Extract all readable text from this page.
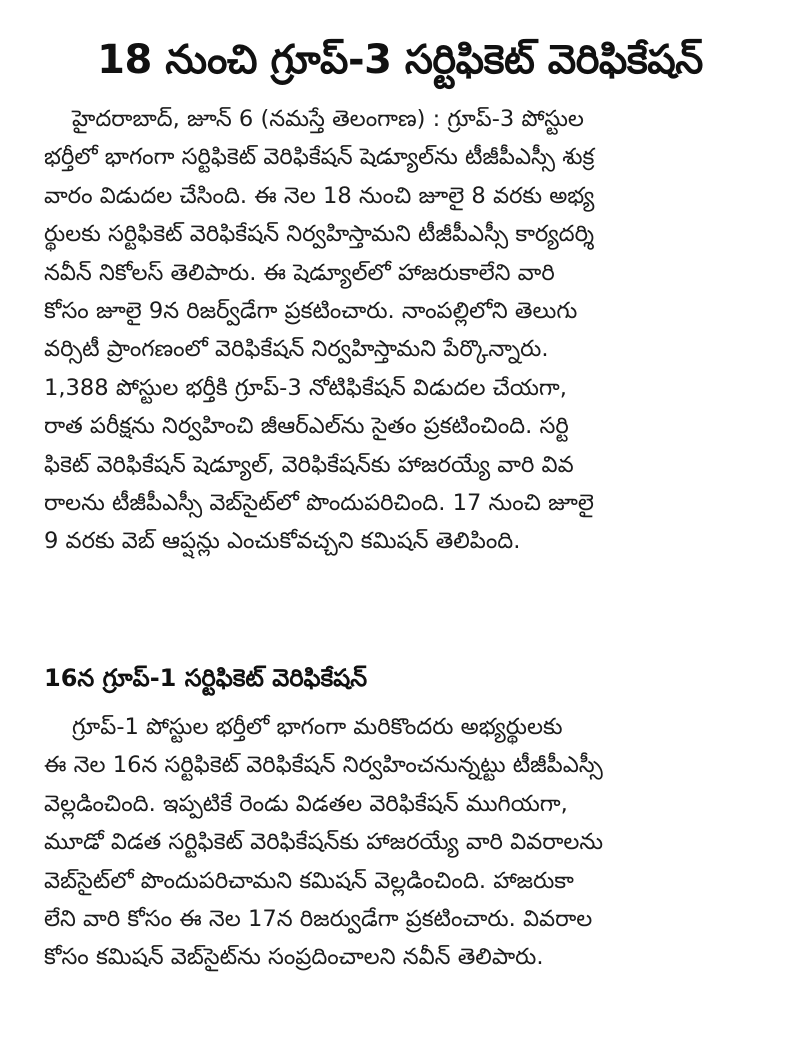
18 నుంచి గ్రూప్‌-3 సర్టిఫికెట్‌ వెరిఫికేషన్‌
హైదరాబాద్‌, జూన్‌ 6 (నమస్తే తెలంగాణ) : గ్రూప్‌-3 పోస్టుల
భర్తీలో భాగంగా సర్టిఫికెట్‌ వెరిఫికేషన్‌ షెడ్యూల్‌ను టీజీపీఎస్సీ శుక్ర
వారం విడుదల చేసింది. ఈ నెల 18 నుంచి జూలై 8 వరకు అభ్య
ర్థులకు సర్టిఫికెట్‌ వెరిఫికేషన్‌ నిర్వహిస్తామని టీజీపీఎస్సీ కార్యదర్శి
నవీన్‌ నికోలస్‌ తెలిపారు. ఈ షెడ్యూల్‌లో హాజరుకాలేని వారి
కోసం జూలై 9న రిజర్వ్‌డేగా ప్రకటించారు. నాంపల్లిలోని తెలుగు
వర్సిటీ ప్రాంగణంలో వెరిఫికేషన్‌ నిర్వహిస్తామని పేర్కొన్నారు.
1,388 పోస్టుల భర్తీకి గ్రూప్‌-3 నోటిఫికేషన్‌ విడుదల చేయగా,
రాత పరీక్షను నిర్వహించి జీఆర్‌ఎల్‌ను సైతం ప్రకటించింది. సర్టి
ఫికెట్‌ వెరిఫికేషన్‌ షెడ్యూల్‌, వెరిఫికేషన్‌కు హాజరయ్యే వారి వివ
రాలను టీజీపీఎస్సీ వెబ్‌సైట్‌లో పొందుపరిచింది. 17 నుంచి జూలై
9 వరకు వెబ్‌ ఆప్షన్లు ఎంచుకోవచ్చని కమిషన్‌ తెలిపింది.
16న గ్రూప్‌-1 సర్టిఫికెట్‌ వెరిఫికేషన్‌
గ్రూప్‌-1 పోస్టుల భర్తీలో భాగంగా మరికొందరు అభ్యర్థులకు
ఈ నెల 16న సర్టిఫికెట్‌ వెరిఫికేషన్‌ నిర్వహించనున్నట్టు టీజీపీఎస్సీ
వెల్లడించింది. ఇప్పటికే రెండు విడతల వెరిఫికేషన్‌ ముగియగా,
మూడో విడత సర్టిఫికెట్‌ వెరిఫికేషన్‌కు హాజరయ్యే వారి వివరాలను
వెబ్‌సైట్‌లో పొందుపరిచామని కమిషన్‌ వెల్లడించింది. హాజరుకా
లేని వారి కోసం ఈ నెల 17న రిజర్వుడేగా ప్రకటించారు. వివరాల
కోసం కమిషన్‌ వెబ్‌సైట్‌ను సంప్రదించాలని నవీన్‌ తెలిపారు.
